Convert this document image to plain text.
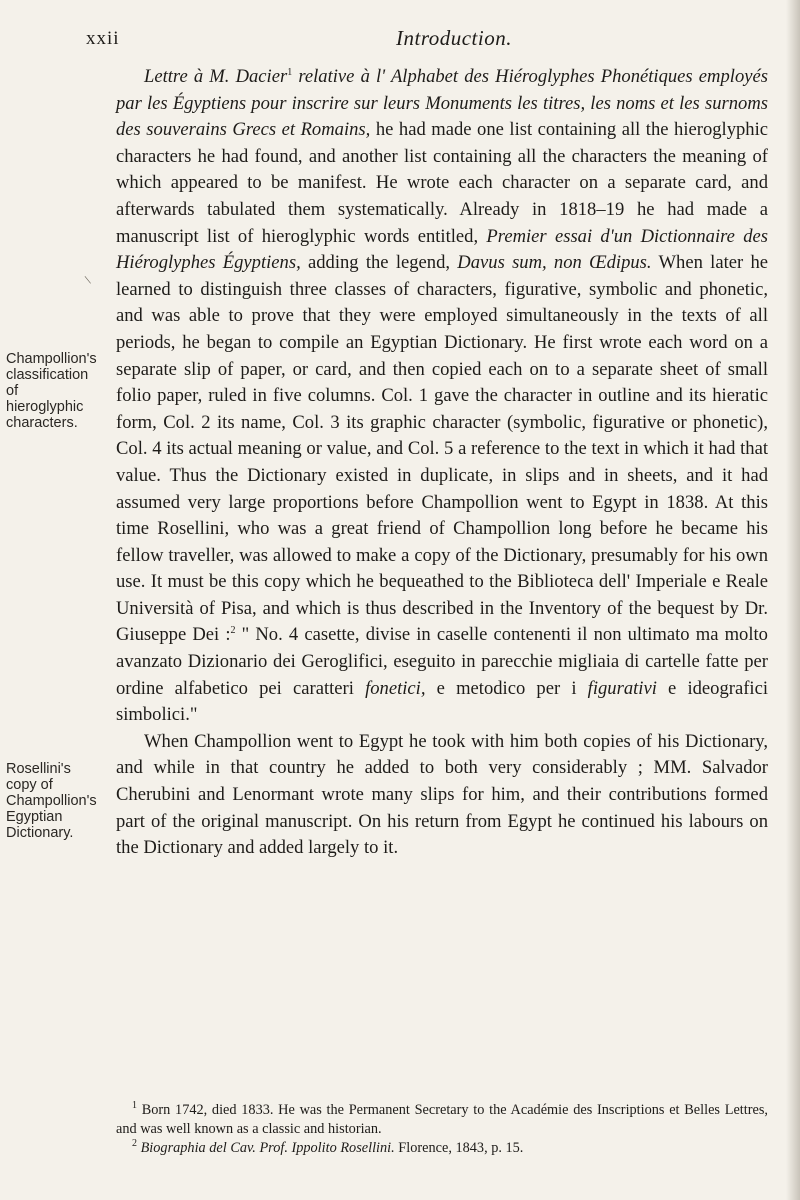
xxii	Introduction.
\
Champollion's
classification
of
hieroglyphic
characters.
Rosellini's
copy of
Champollion's
Egyptian
Dictionary.

Lettre à M. Dacier$^1$ relative à l' Alphabet des Hiéroglyphes Phonétiques employés par les Égyptiens pour inscrire sur leurs Monuments les titres, les noms et les surnoms des souverains Grecs et Romains, he had made one list containing all the hieroglyphic characters he had found, and another list containing all the characters the meaning of which appeared to be manifest. He wrote each character on a separate card, and afterwards tabulated them systematically. Already in 1818–19 he had made a manuscript list of hieroglyphic words entitled, Premier essai d'un Dictionnaire des Hiéroglyphes Égyptiens, adding the legend, Davus sum, non Œdipus. When later he learned to distinguish three classes of characters, figurative, symbolic and phonetic, and was able to prove that they were employed simultaneously in the texts of all periods, he began to compile an Egyptian Dictionary. He first wrote each word on a separate slip of paper, or card, and then copied each on to a separate sheet of small folio paper, ruled in five columns. Col. 1 gave the character in outline and its hieratic form, Col. 2 its name, Col. 3 its graphic character (symbolic, figurative or phonetic), Col. 4 its actual meaning or value, and Col. 5 a reference to the text in which it had that value. Thus the Dictionary existed in duplicate, in slips and in sheets, and it had assumed very large proportions before Champollion went to Egypt in 1838. At this time Rosellini, who was a great friend of Champollion long before he became his fellow traveller, was allowed to make a copy of the Dictionary, presumably for his own use. It must be this copy which he bequeathed to the Biblioteca dell' Imperiale e Reale Università of Pisa, and which is thus described in the Inventory of the bequest by Dr. Giuseppe Dei :$^2$ " No. 4 casette, divise in caselle contenenti il non ultimato ma molto avanzato Dizionario dei Geroglifici, eseguito in parecchie migliaia di cartelle fatte per ordine alfabetico pei caratteri fonetici, e metodico per i figurativi e ideografici simbolici."

When Champollion went to Egypt he took with him both copies of his Dictionary, and while in that country he added to both very considerably ; MM. Salvador Cherubini and Lenormant wrote many slips for him, and their contributions formed part of the original manuscript. On his return from Egypt he continued his labours on the Dictionary and added largely to it.

$^1$ Born 1742, died 1833. He was the Permanent Secretary to the Académie des Inscriptions et Belles Lettres, and was well known as a classic and historian.

$^2$ Biographia del Cav. Prof. Ippolito Rosellini. Florence, 1843, p. 15.
